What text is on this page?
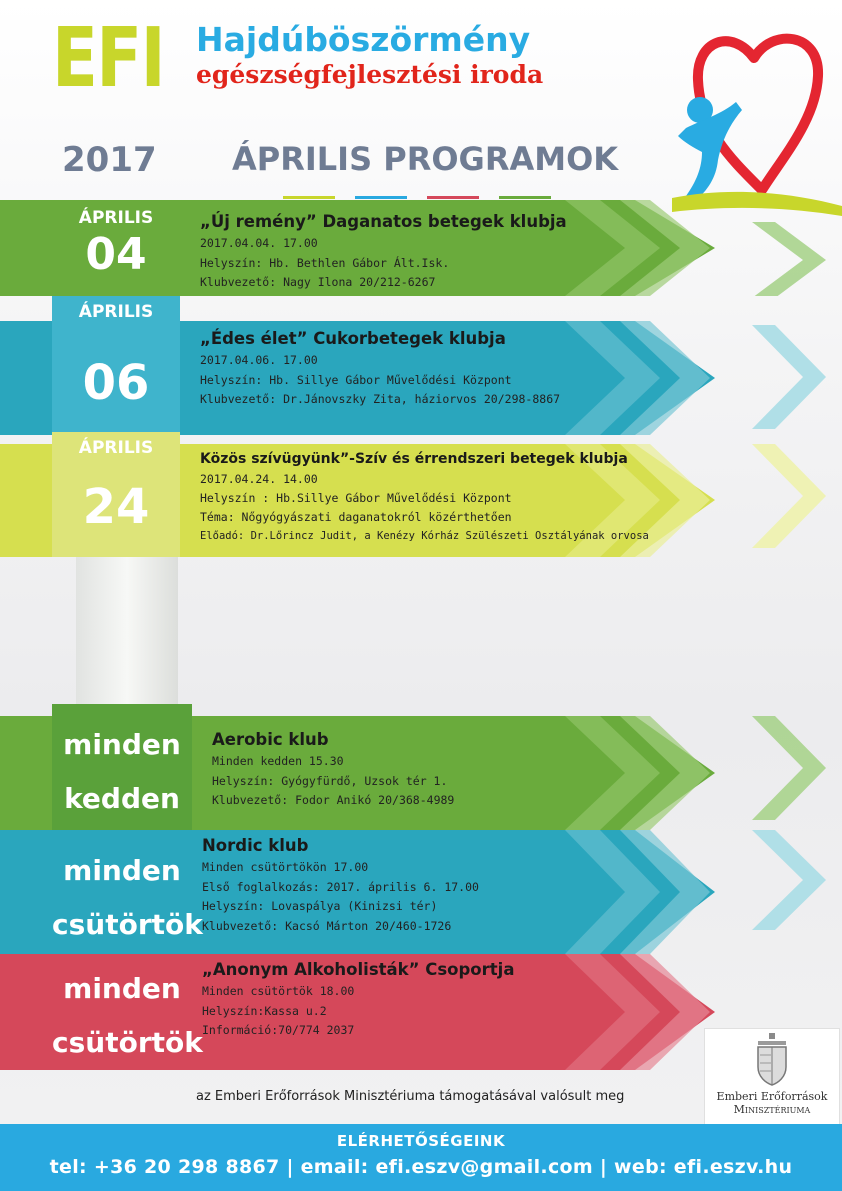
EFI Hajdúböszörmény
egészségfejlesztési iroda
2017 ÁPRILIS PROGRAMOK
ÁPRILIS
04
„Új remény” Daganatos betegek klubja
2017.04.04. 17.00
Helyszín: Hb. Bethlen Gábor Ált.Isk.
Klubvezető: Nagy Ilona 20/212-6267
ÁPRILIS
06
„Édes élet” Cukorbetegek klubja
2017.04.06. 17.00
Helyszín: Hb. Sillye Gábor Művelődési Központ
Klubvezető: Dr.Jánovszky Zita, háziorvos 20/298-8867
ÁPRILIS
24
Közös szívügyünk”-Szív és érrendszeri betegek klubja
2017.04.24. 14.00
Helyszín : Hb.Sillye Gábor Művelődési Központ
Téma: Nőgyógyászati daganatokról közérthetően
Előadó: Dr.Lőrincz Judit, a Kenézy Kórház Szülészeti Osztályának orvosa
minden
kedden
Aerobic klub
Minden kedden 15.30
Helyszín: Gyógyfürdő, Uzsok tér 1.
Klubvezető: Fodor Anikó 20/368-4989
minden
csütörtök
Nordic klub
Minden csütörtökön 17.00
Első foglalkozás: 2017. április 6. 17.00
Helyszín: Lovaspálya (Kinizsi tér)
Klubvezető: Kacsó Márton 20/460-1726
minden
csütörtök
„Anonym Alkoholisták” Csoportja
Minden csütörtök 18.00
Helyszín:Kassa u.2
Információ:70/774 2037
Emberi Erőforrások
Minisztériuma
az Emberi Erőforrások Minisztériuma támogatásával valósult meg
ELÉRHETŐSÉGEINK
tel: +36 20 298 8867 | email: efi.eszv@gmail.com | web: efi.eszv.hu
